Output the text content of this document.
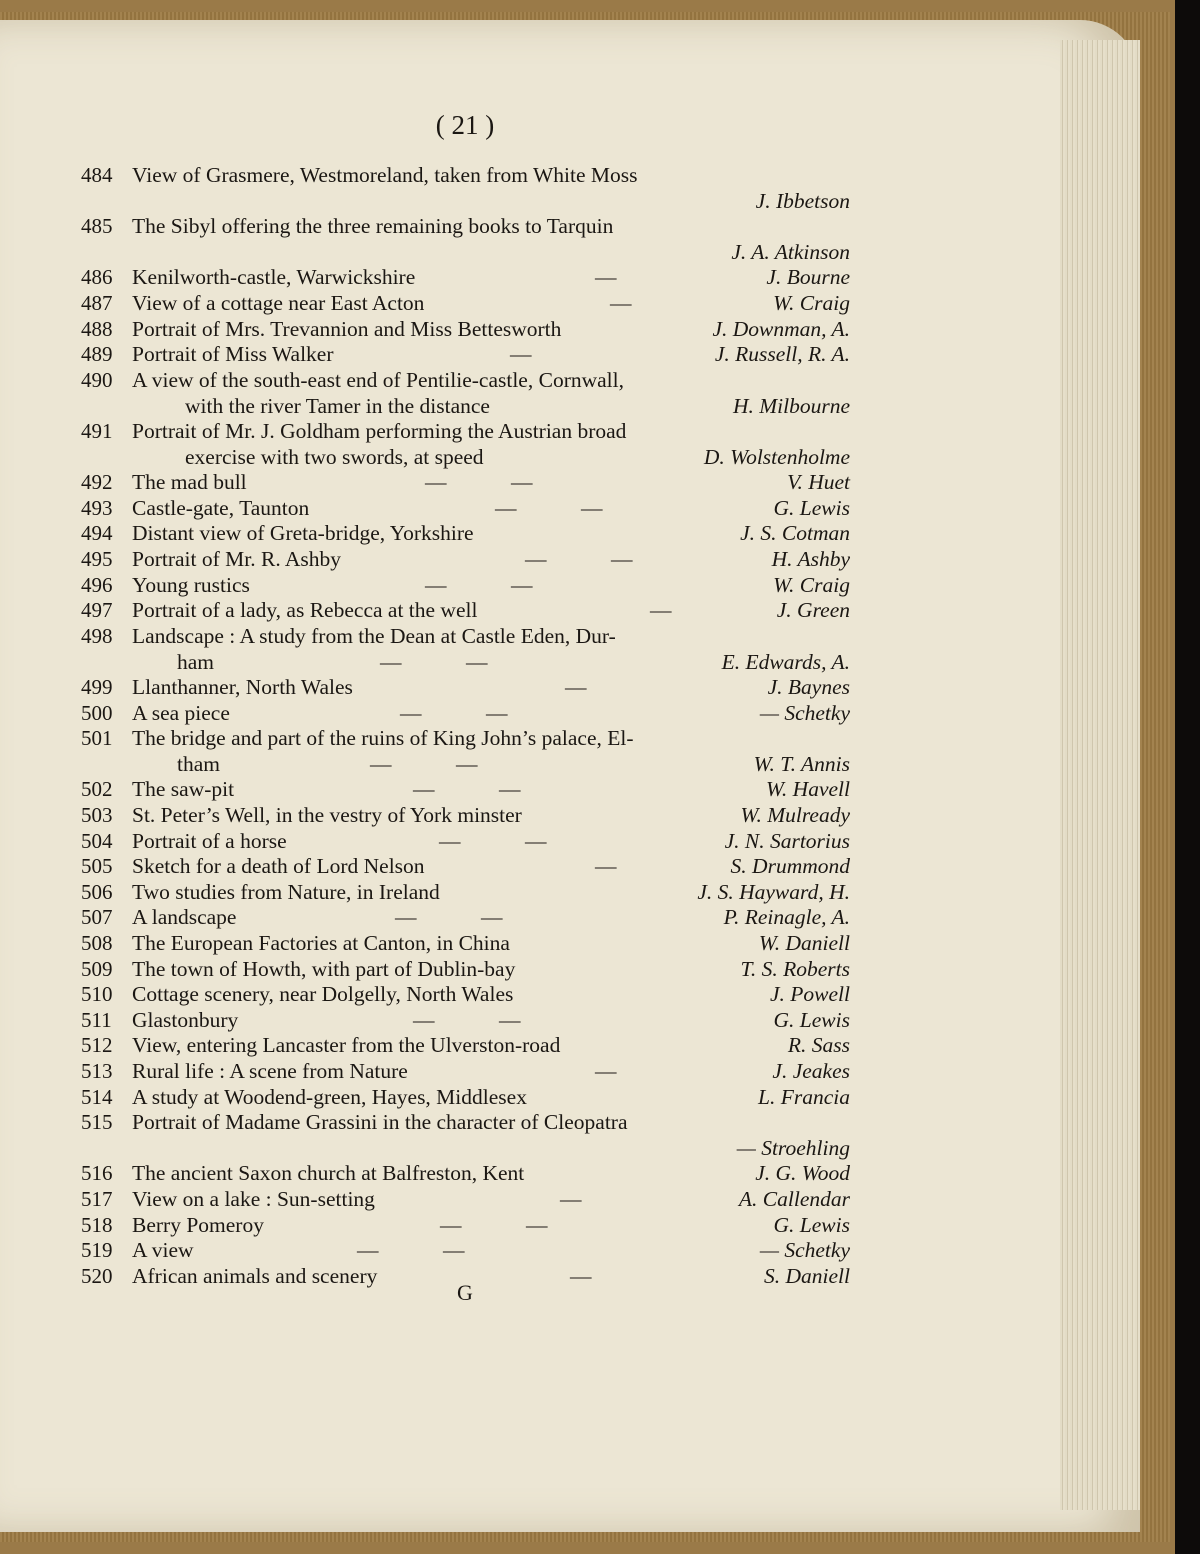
( 21 )
484 View of Grasmere, Westmoreland, taken from White Moss
J. Ibbetson
485 The Sibyl offering the three remaining books to Tarquin
J. A. Atkinson
486 Kenilworth-castle, Warwickshire	—	J. Bourne
487 View of a cottage near East Acton	—	W. Craig
488 Portrait of Mrs. Trevannion and Miss Bettesworth	J. Downman, A.
489 Portrait of Miss Walker	—	J. Russell, R. A.
490 A view of the south-east end of Pentilie-castle, Cornwall,
with the river Tamer in the distance	H. Milbourne
491 Portrait of Mr. J. Goldham performing the Austrian broad
exercise with two swords, at speed	D. Wolstenholme
492 The mad bull	—            —	V. Huet
493 Castle-gate, Taunton	—            —	G. Lewis
494 Distant view of Greta-bridge, Yorkshire	J. S. Cotman
495 Portrait of Mr. R. Ashby	—            —	H. Ashby
496 Young rustics	—            —	W. Craig
497 Portrait of a lady, as Rebecca at the well	—	J. Green
498 Landscape : A study from the Dean at Castle Eden, Dur-
ham	—            —	E. Edwards, A.
499 Llanthanner, North Wales	—	J. Baynes
500 A sea piece	—            —	— Schetky
501 The bridge and part of the ruins of King John’s palace, El-
tham	—            —	W. T. Annis
502 The saw-pit	—            —	W. Havell
503 St. Peter’s Well, in the vestry of York minster	W. Mulready
504 Portrait of a horse	—            —	J. N. Sartorius
505 Sketch for a death of Lord Nelson	—	S. Drummond
506 Two studies from Nature, in Ireland	J. S. Hayward, H.
507 A landscape	—            —	P. Reinagle, A.
508 The European Factories at Canton, in China	W. Daniell
509 The town of Howth, with part of Dublin-bay	T. S. Roberts
510 Cottage scenery, near Dolgelly, North Wales	J. Powell
511 Glastonbury	—            —	G. Lewis
512 View, entering Lancaster from the Ulverston-road	R. Sass
513 Rural life : A scene from Nature	—	J. Jeakes
514 A study at Woodend-green, Hayes, Middlesex	L. Francia
515 Portrait of Madame Grassini in the character of Cleopatra
— Stroehling
516 The ancient Saxon church at Balfreston, Kent	J. G. Wood
517 View on a lake : Sun-setting	—	A. Callendar
518 Berry Pomeroy	—            —	G. Lewis
519 A view	—            —	— Schetky
520 African animals and scenery	—	S. Daniell
G
